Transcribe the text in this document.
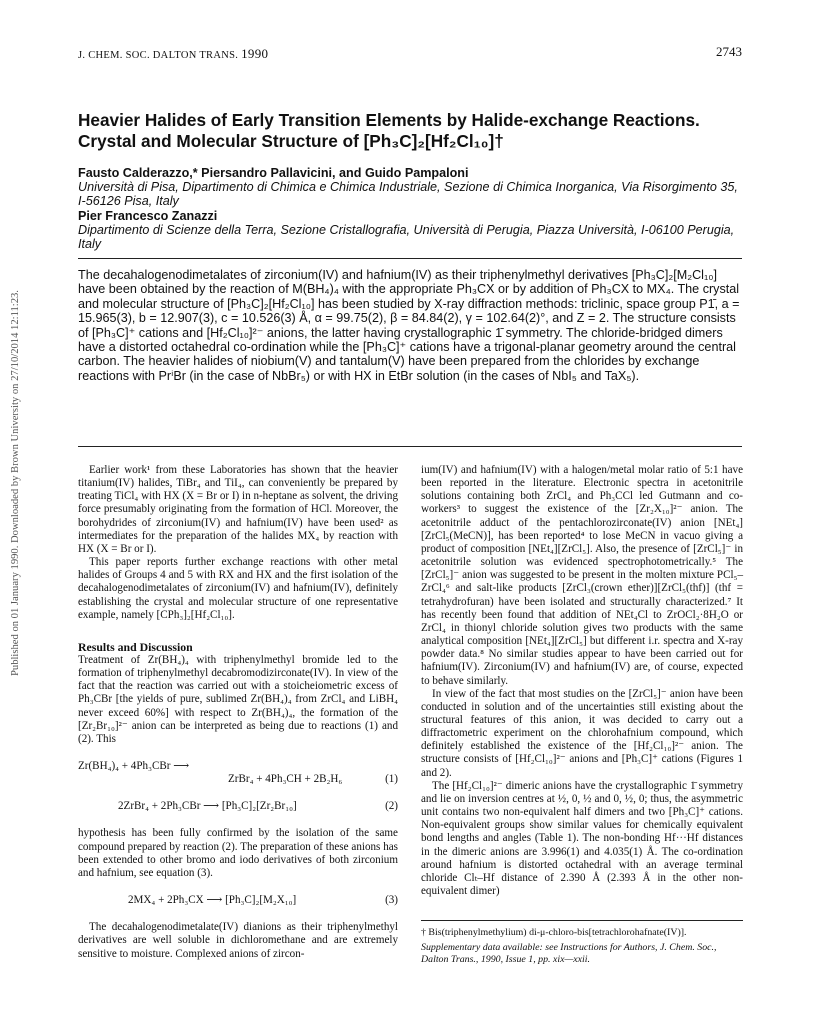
J. CHEM. SOC. DALTON TRANS. 1990	2743
Published on 01 January 1990. Downloaded by Brown University on 27/10/2014 12:11:23.
Heavier Halides of Early Transition Elements by Halide-exchange Reactions.
Crystal and Molecular Structure of [Ph₃C]₂[Hf₂Cl₁₀]†
Fausto Calderazzo,* Piersandro Pallavicini, and Guido Pampaloni
Università di Pisa, Dipartimento di Chimica e Chimica Industriale, Sezione di Chimica Inorganica, Via Risorgimento 35, I-56126 Pisa, Italy
Pier Francesco Zanazzi
Dipartimento di Scienze della Terra, Sezione Cristallografia, Università di Perugia, Piazza Università, I-06100 Perugia, Italy
The decahalogenodimetalates of zirconium(IV) and hafnium(IV) as their triphenylmethyl derivatives [Ph₃C]₂[M₂Cl₁₀] have been obtained by the reaction of M(BH₄)₄ with the appropriate Ph₃CX or by addition of Ph₃CX to MX₄. The crystal and molecular structure of [Ph₃C]₂[Hf₂Cl₁₀] has been studied by X-ray diffraction methods: triclinic, space group P1̄, a = 15.965(3), b = 12.907(3), c = 10.526(3) Å, α = 99.75(2), β = 84.84(2), γ = 102.64(2)°, and Z = 2. The structure consists of [Ph₃C]⁺ cations and [Hf₂Cl₁₀]²⁻ anions, the latter having crystallographic 1̄ symmetry. The chloride-bridged dimers have a distorted octahedral co-ordination while the [Ph₃C]⁺ cations have a trigonal-planar geometry around the central carbon. The heavier halides of niobium(V) and tantalum(V) have been prepared from the chlorides by exchange reactions with PrⁱBr (in the case of NbBr₅) or with HX in EtBr solution (in the cases of NbI₅ and TaX₅).

Earlier work¹ from these Laboratories has shown that the heavier titanium(IV) halides, TiBr₄ and TiI₄, can conveniently be prepared by treating TiCl₄ with HX (X = Br or I) in n-heptane as solvent, the driving force presumably originating from the formation of HCl. Moreover, the borohydrides of zirconium(IV) and hafnium(IV) have been used² as intermediates for the preparation of the halides MX₄ by reaction with HX (X = Br or I).

This paper reports further exchange reactions with other metal halides of Groups 4 and 5 with RX and HX and the first isolation of the decahalogenodimetalates of zirconium(IV) and hafnium(IV), definitely establishing the crystal and molecular structure of one representative example, namely [CPh₃]₂[Hf₂Cl₁₀].

Results and Discussion

Treatment of Zr(BH₄)₄ with triphenylmethyl bromide led to the formation of triphenylmethyl decabromodizirconate(IV). In view of the fact that the reaction was carried out with a stoicheiometric excess of Ph₃CBr [the yields of pure, sublimed Zr(BH₄)₄ from ZrCl₄ and LiBH₄ never exceed 60%] with respect to Zr(BH₄)₄, the formation of the [Zr₂Br₁₀]²⁻ anion can be interpreted as being due to reactions (1) and (2). This

Zr(BH₄)₄ + 4Ph₃CBr ⟶
ZrBr₄ + 4Ph₃CH + 2B₂H₆	(1)
2ZrBr₄ + 2Ph₃CBr ⟶ [Ph₃C]₂[Zr₂Br₁₀]	(2)

hypothesis has been fully confirmed by the isolation of the same compound prepared by reaction (2). The preparation of these anions has been extended to other bromo and iodo derivatives of both zirconium and hafnium, see equation (3).

2MX₄ + 2Ph₃CX ⟶ [Ph₃C]₂[M₂X₁₀]	(3)

The decahalogenodimetalate(IV) dianions as their triphenylmethyl derivatives are well soluble in dichloromethane and are extremely sensitive to moisture. Complexed anions of zircon-

ium(IV) and hafnium(IV) with a halogen/metal molar ratio of 5:1 have been reported in the literature. Electronic spectra in acetonitrile solutions containing both ZrCl₄ and Ph₃CCl led Gutmann and co-workers³ to suggest the existence of the [Zr₂X₁₀]²⁻ anion. The acetonitrile adduct of the pentachlorozirconate(IV) anion [NEt₄][ZrCl₅(MeCN)], has been reported⁴ to lose MeCN in vacuo giving a product of composition [NEt₄][ZrCl₅]. Also, the presence of [ZrCl₅]⁻ in acetonitrile solution was evidenced spectrophotometrically.⁵ The [ZrCl₅]⁻ anion was suggested to be present in the molten mixture PCl₅–ZrCl₄⁶ and salt-like products [ZrCl₃(crown ether)][ZrCl₅(thf)] (thf = tetrahydrofuran) have been isolated and structurally characterized.⁷ It has recently been found that addition of NEt₄Cl to ZrOCl₂·8H₂O or ZrCl₄ in thionyl chloride solution gives two products with the same analytical composition [NEt₄][ZrCl₅] but different i.r. spectra and X-ray powder data.⁸ No similar studies appear to have been carried out for hafnium(IV). Zirconium(IV) and hafnium(IV) are, of course, expected to behave similarly.

In view of the fact that most studies on the [ZrCl₅]⁻ anion have been conducted in solution and of the uncertainties still existing about the structural features of this anion, it was decided to carry out a diffractometric experiment on the chlorohafnium compound, which definitely established the existence of the [Hf₂Cl₁₀]²⁻ anion. The structure consists of [Hf₂Cl₁₀]²⁻ anions and [Ph₃C]⁺ cations (Figures 1 and 2).

The [Hf₂Cl₁₀]²⁻ dimeric anions have the crystallographic 1̄ symmetry and lie on inversion centres at ½, 0, ½ and 0, ½, 0; thus, the asymmetric unit contains two non-equivalent half dimers and two [Ph₃C]⁺ cations. Non-equivalent groups show similar values for chemically equivalent bond lengths and angles (Table 1). The non-bonding Hf···Hf distances in the dimeric anions are 3.996(1) and 4.035(1) Å. The co-ordination around hafnium is distorted octahedral with an average terminal chloride Clₜ–Hf distance of 2.390 Å (2.393 Å in the other non-equivalent dimer)

† Bis(triphenylmethylium) di-μ-chloro-bis[tetrachlorohafnate(IV)].

Supplementary data available: see Instructions for Authors, J. Chem. Soc., Dalton Trans., 1990, Issue 1, pp. xix—xxii.
